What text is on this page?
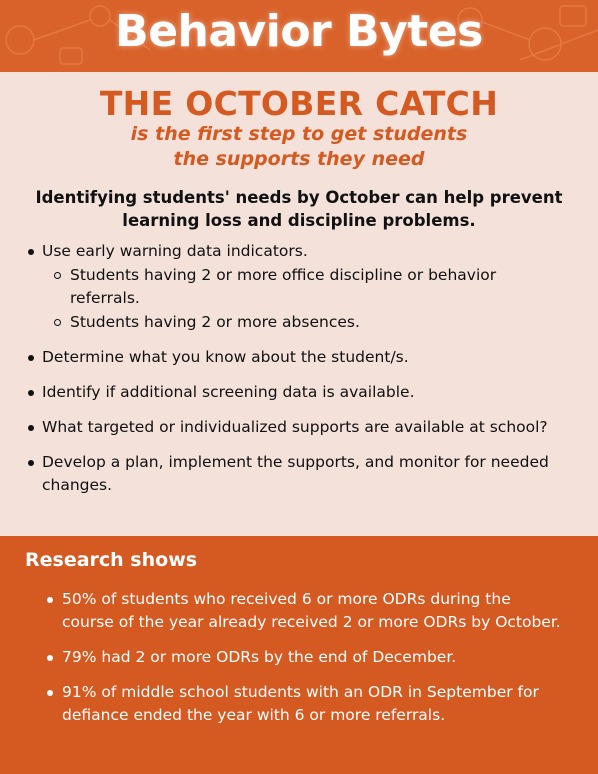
Behavior Bytes
THE OCTOBER CATCH
is the first step to get students
the supports they need
Identifying students' needs by October can help prevent learning loss and discipline problems.
Use early warning data indicators.
Students having 2 or more office discipline or behavior referrals.
Students having 2 or more absences.
Determine what you know about the student/s.
Identify if additional screening data is available.
What targeted or individualized supports are available at school?
Develop a plan, implement the supports, and monitor for needed changes.
Research shows
50% of students who received 6 or more ODRs during the course of the year already received 2 or more ODRs by October.
79% had 2 or more ODRs by the end of December.
91% of middle school students with an ODR in September for defiance ended the year with 6 or more referrals.
